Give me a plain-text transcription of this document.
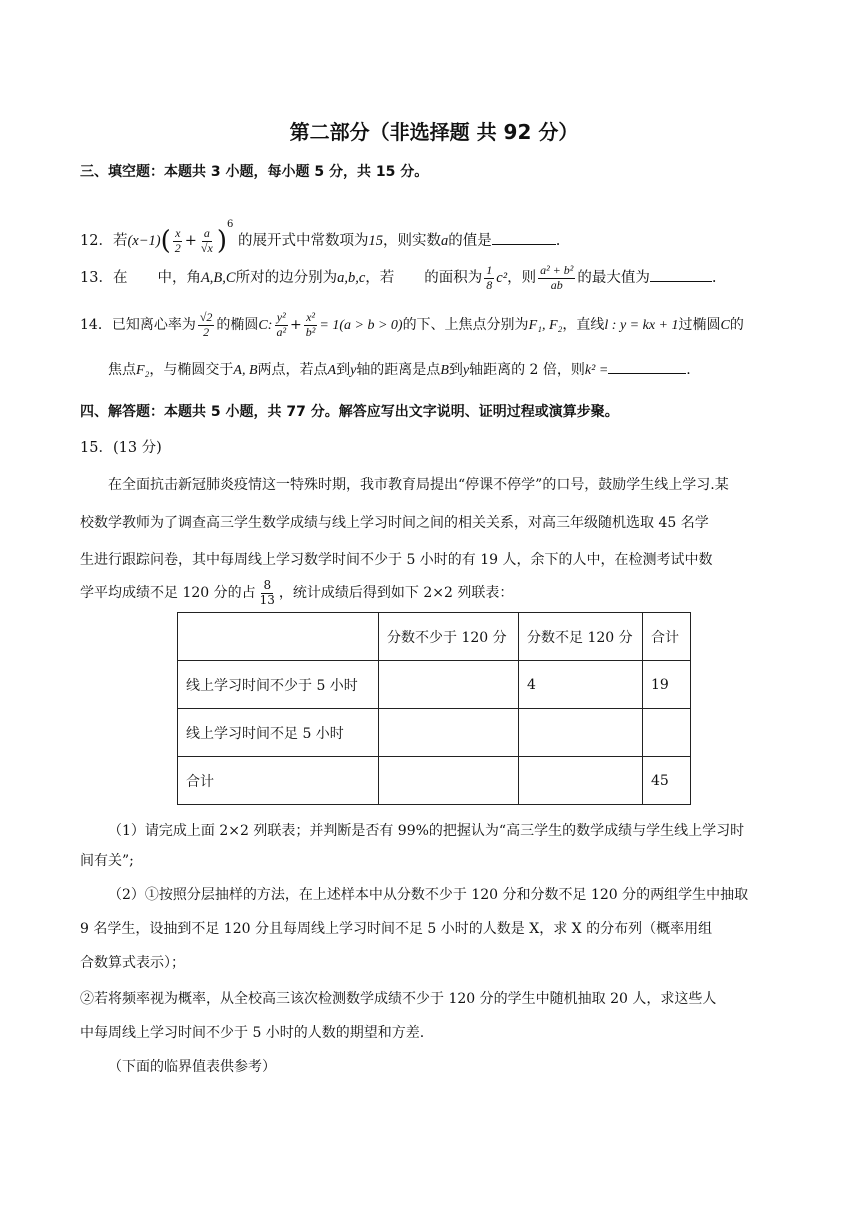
第二部分（非选择题 共 92 分）
三、填空题：本题共 3 小题，每小题 5 分，共 15 分。
12．若$(x-1)( \frac{x}{2} + \frac{a}{√x} )^6$ 的展开式中常数项为15，则实数a的值是	.
13．在 中，角A,B,C所对的边分别为a,b,c，若 的面积为 $\frac{1}{8} c^2$，则 $\frac{\text{a² + b²}}{ab}$ 的最大值为	.
14．已知离心率为 $\frac{√2}{2}$ 的椭圆C: $\frac{\text{y²}}{\text{a²}} + \frac{\text{x²}}{\text{b²}} = 1(a > b > 0)$的下、上焦点分别为F₁, F₂，直线l : y = kx + 1过椭圆C的
焦点F₂，与椭圆交于A, B两点，若点A到y轴的距离是点B到y轴距离的 2 倍，则k² =	.
四、解答题：本题共 5 小题，共 77 分。解答应写出文字说明、证明过程或演算步聚。
15．(13 分)
在全面抗击新冠肺炎疫情这一特殊时期，我市教育局提出“停课不停学”的口号，鼓励学生线上学习.某
校数学教师为了调查高三学生数学成绩与线上学习时间之间的相关关系，对高三年级随机选取 45 名学
生进行跟踪问卷，其中每周线上学习数学时间不少于 5 小时的有 19 人，余下的人中，在检测考试中数
学平均成绩不足 120 分的占 $\frac{8}{13}$ ，统计成绩后得到如下 2×2 列联表：
	分数不少于 120 分	分数不足 120 分	合计
线上学习时间不少于 5 小时		4	19
线上学习时间不足 5 小时			
合计			45
（1）请完成上面 2×2 列联表；并判断是否有 99%的把握认为“高三学生的数学成绩与学生线上学习时
间有关”;
（2）①按照分层抽样的方法，在上述样本中从分数不少于 120 分和分数不足 120 分的两组学生中抽取
9 名学生，设抽到不足 120 分且每周线上学习时间不足 5 小时的人数是 X，求 X 的分布列（概率用组
合数算式表示）；
②若将频率视为概率，从全校高三该次检测数学成绩不少于 120 分的学生中随机抽取 20 人，求这些人
中每周线上学习时间不少于 5 小时的人数的期望和方差.
（下面的临界值表供参考）
